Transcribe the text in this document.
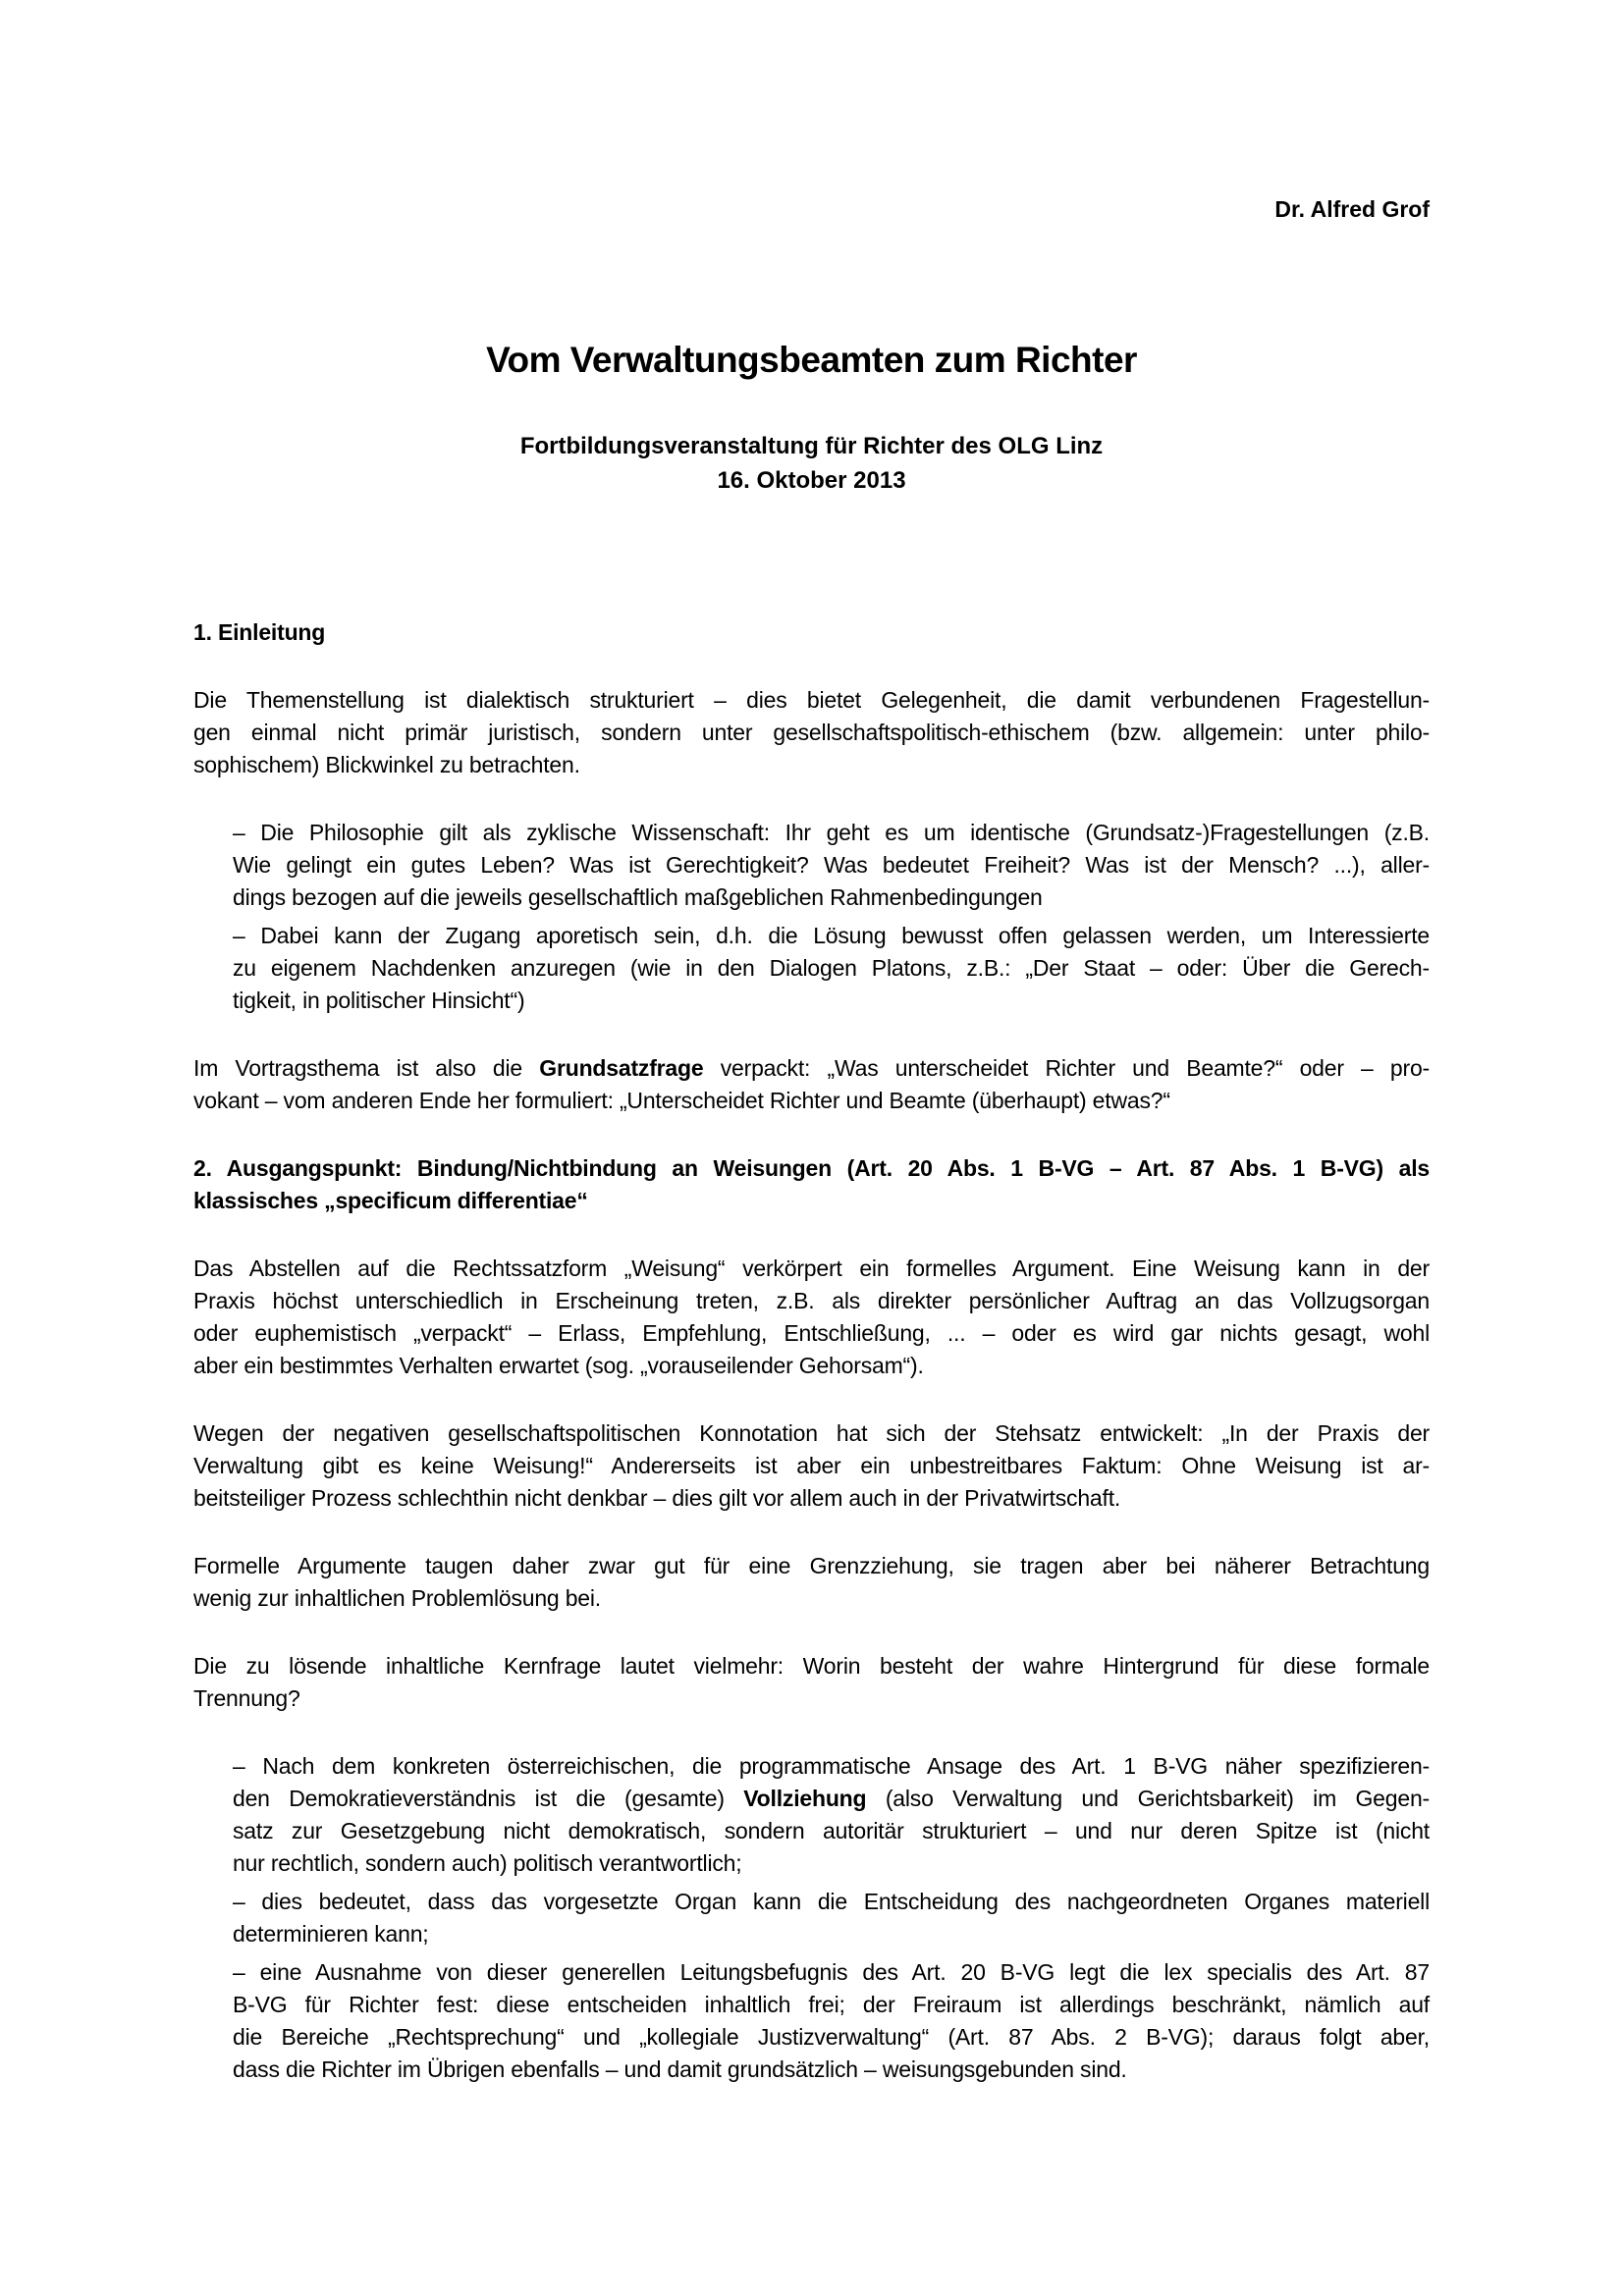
Dr. Alfred Grof
Vom Verwaltungsbeamten zum Richter
Fortbildungsveranstaltung für Richter des OLG Linz
16. Oktober 2013
1. Einleitung
Die Themenstellung ist dialektisch strukturiert – dies bietet Gelegenheit, die damit verbundenen Fragestellun-
gen einmal nicht primär juristisch, sondern unter gesellschaftspolitisch-ethischem (bzw. allgemein: unter philo-
sophischem) Blickwinkel zu betrachten.
– Die Philosophie gilt als zyklische Wissenschaft: Ihr geht es um identische (Grundsatz-)Fragestellungen (z.B.
Wie gelingt ein gutes Leben? Was ist Gerechtigkeit? Was bedeutet Freiheit? Was ist der Mensch? ...), aller-
dings bezogen auf die jeweils gesellschaftlich maßgeblichen Rahmenbedingungen
– Dabei kann der Zugang aporetisch sein, d.h. die Lösung bewusst offen gelassen werden, um Interessierte
zu eigenem Nachdenken anzuregen (wie in den Dialogen Platons, z.B.: „Der Staat – oder: Über die Gerech-
tigkeit, in politischer Hinsicht“)
Im Vortragsthema ist also die Grundsatzfrage verpackt: „Was unterscheidet Richter und Beamte?“ oder – pro-
vokant – vom anderen Ende her formuliert: „Unterscheidet Richter und Beamte (überhaupt) etwas?“
2. Ausgangspunkt: Bindung/Nichtbindung an Weisungen (Art. 20 Abs. 1 B-VG – Art. 87 Abs. 1 B-VG) als
klassisches „specificum differentiae“
Das Abstellen auf die Rechtssatzform „Weisung“ verkörpert ein formelles Argument. Eine Weisung kann in der
Praxis höchst unterschiedlich in Erscheinung treten, z.B. als direkter persönlicher Auftrag an das Vollzugsorgan
oder euphemistisch „verpackt“ – Erlass, Empfehlung, Entschließung, ... – oder es wird gar nichts gesagt, wohl
aber ein bestimmtes Verhalten erwartet (sog. „vorauseilender Gehorsam“).
Wegen der negativen gesellschaftspolitischen Konnotation hat sich der Stehsatz entwickelt: „In der Praxis der
Verwaltung gibt es keine Weisung!“ Andererseits ist aber ein unbestreitbares Faktum: Ohne Weisung ist ar-
beitsteiliger Prozess schlechthin nicht denkbar – dies gilt vor allem auch in der Privatwirtschaft.
Formelle Argumente taugen daher zwar gut für eine Grenzziehung, sie tragen aber bei näherer Betrachtung
wenig zur inhaltlichen Problemlösung bei.
Die zu lösende inhaltliche Kernfrage lautet vielmehr: Worin besteht der wahre Hintergrund für diese formale
Trennung?
– Nach dem konkreten österreichischen, die programmatische Ansage des Art. 1 B-VG näher spezifizieren-
den Demokratieverständnis ist die (gesamte) Vollziehung (also Verwaltung und Gerichtsbarkeit) im Gegen-
satz zur Gesetzgebung nicht demokratisch, sondern autoritär strukturiert – und nur deren Spitze ist (nicht
nur rechtlich, sondern auch) politisch verantwortlich;
– dies bedeutet, dass das vorgesetzte Organ kann die Entscheidung des nachgeordneten Organes materiell
determinieren kann;
– eine Ausnahme von dieser generellen Leitungsbefugnis des Art. 20 B-VG legt die lex specialis des Art. 87
B-VG für Richter fest: diese entscheiden inhaltlich frei; der Freiraum ist allerdings beschränkt, nämlich auf
die Bereiche „Rechtsprechung“ und „kollegiale Justizverwaltung“ (Art. 87 Abs. 2 B-VG); daraus folgt aber,
dass die Richter im Übrigen ebenfalls – und damit grundsätzlich – weisungsgebunden sind.
